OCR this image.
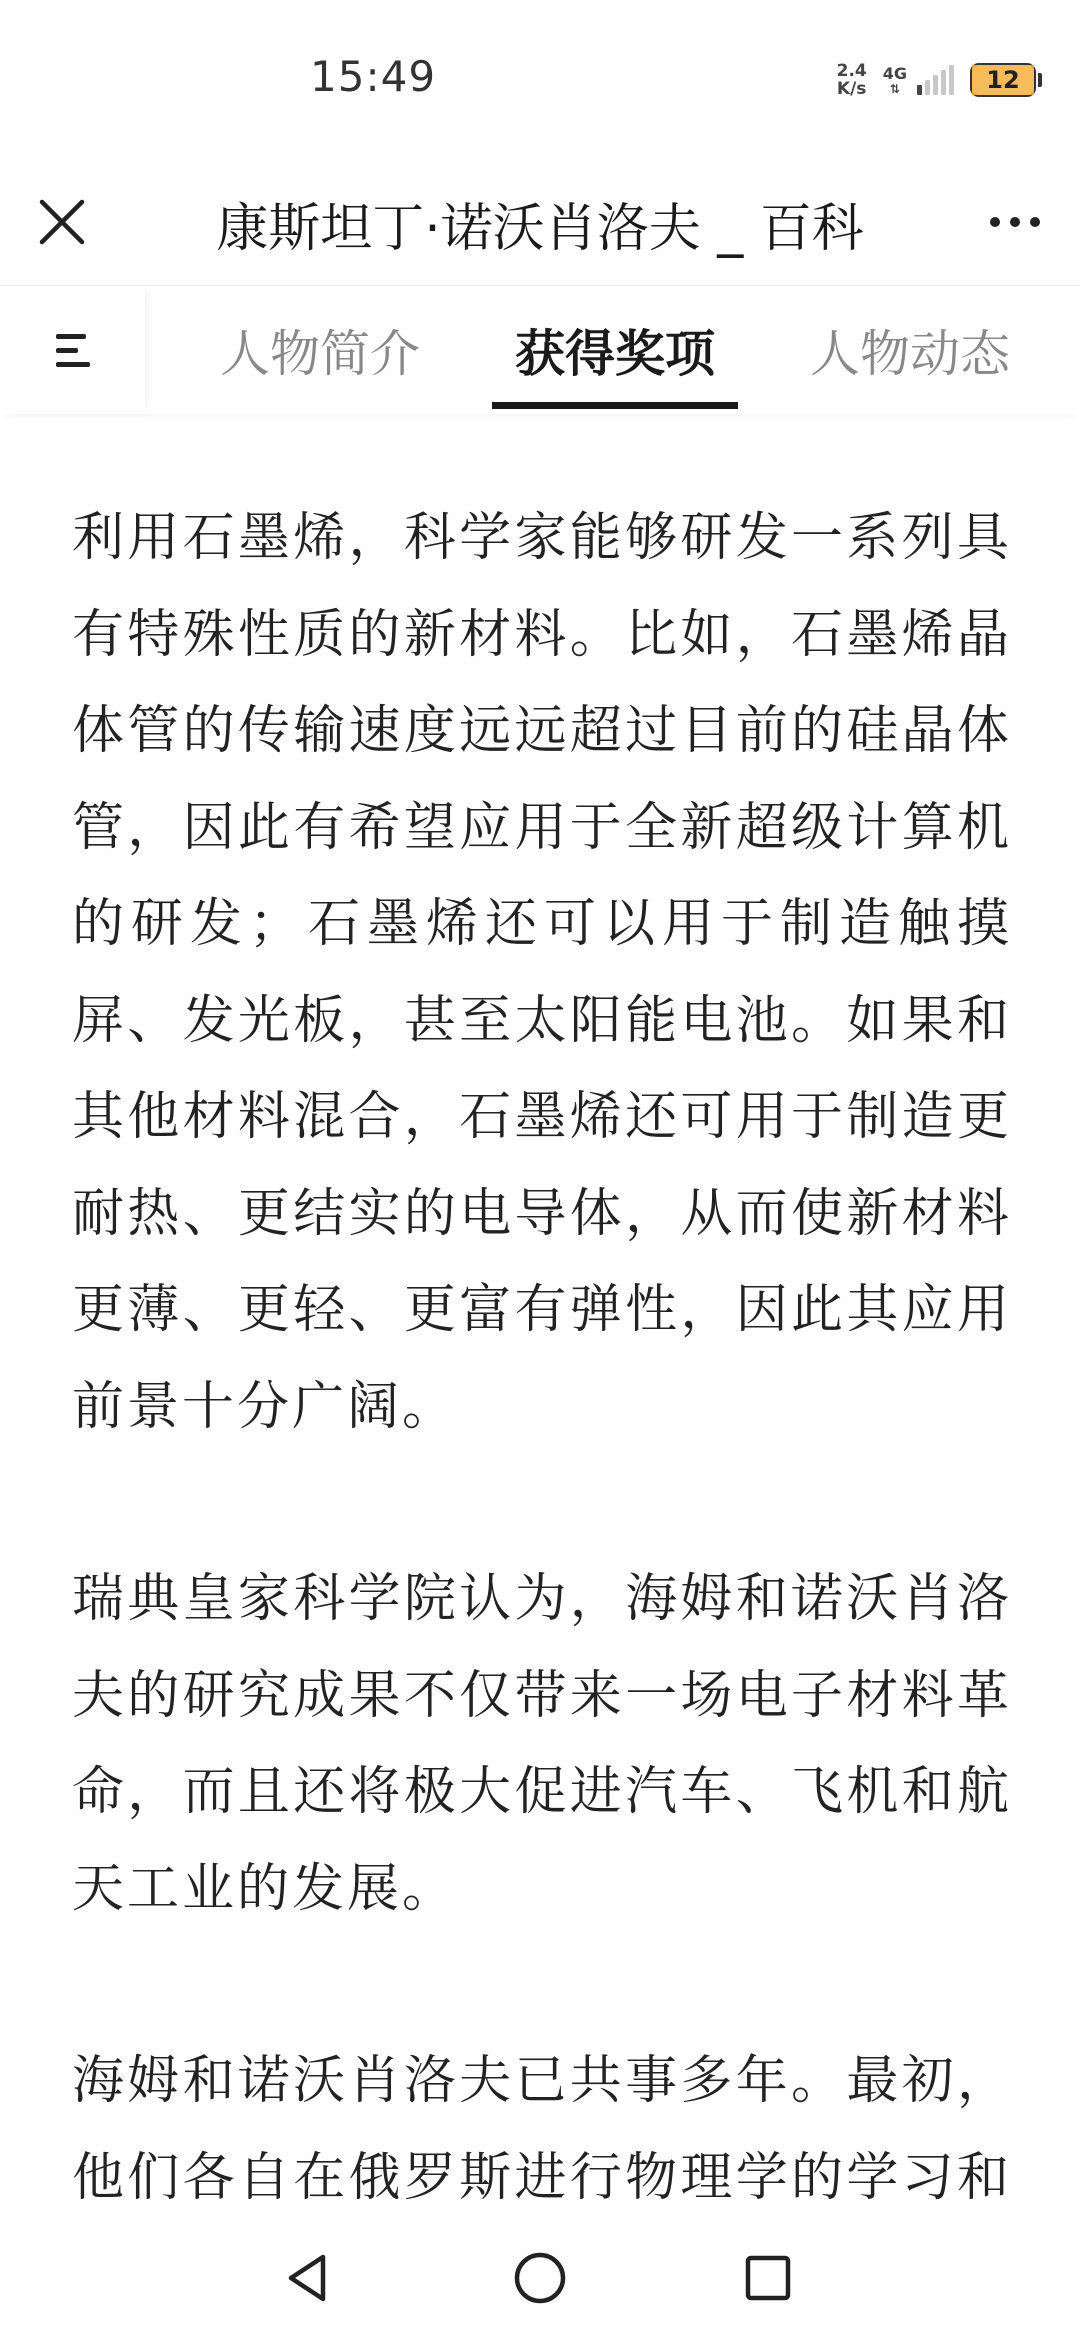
15:49	2.4
K/s
4G
⇅	12
康斯坦丁·诺沃肖洛夫 _ 百科
人物简介	获得奖项	人物动态

利用石墨烯，科学家能够研发一系列具有特殊性质的新材料。比如，石墨烯晶体管的传输速度远远超过目前的硅晶体管，因此有希望应用于全新超级计算机的研发；石墨烯还可以用于制造触摸屏、发光板，甚至太阳能电池。如果和其他材料混合，石墨烯还可用于制造更耐热、更结实的电导体，从而使新材料更薄、更轻、更富有弹性，因此其应用前景十分广阔。

瑞典皇家科学院认为，海姆和诺沃肖洛夫的研究成果不仅带来一场电子材料革命，而且还将极大促进汽车、飞机和航天工业的发展。

海姆和诺沃肖洛夫已共事多年。最初，他们各自在俄罗斯进行物理学的学习和
